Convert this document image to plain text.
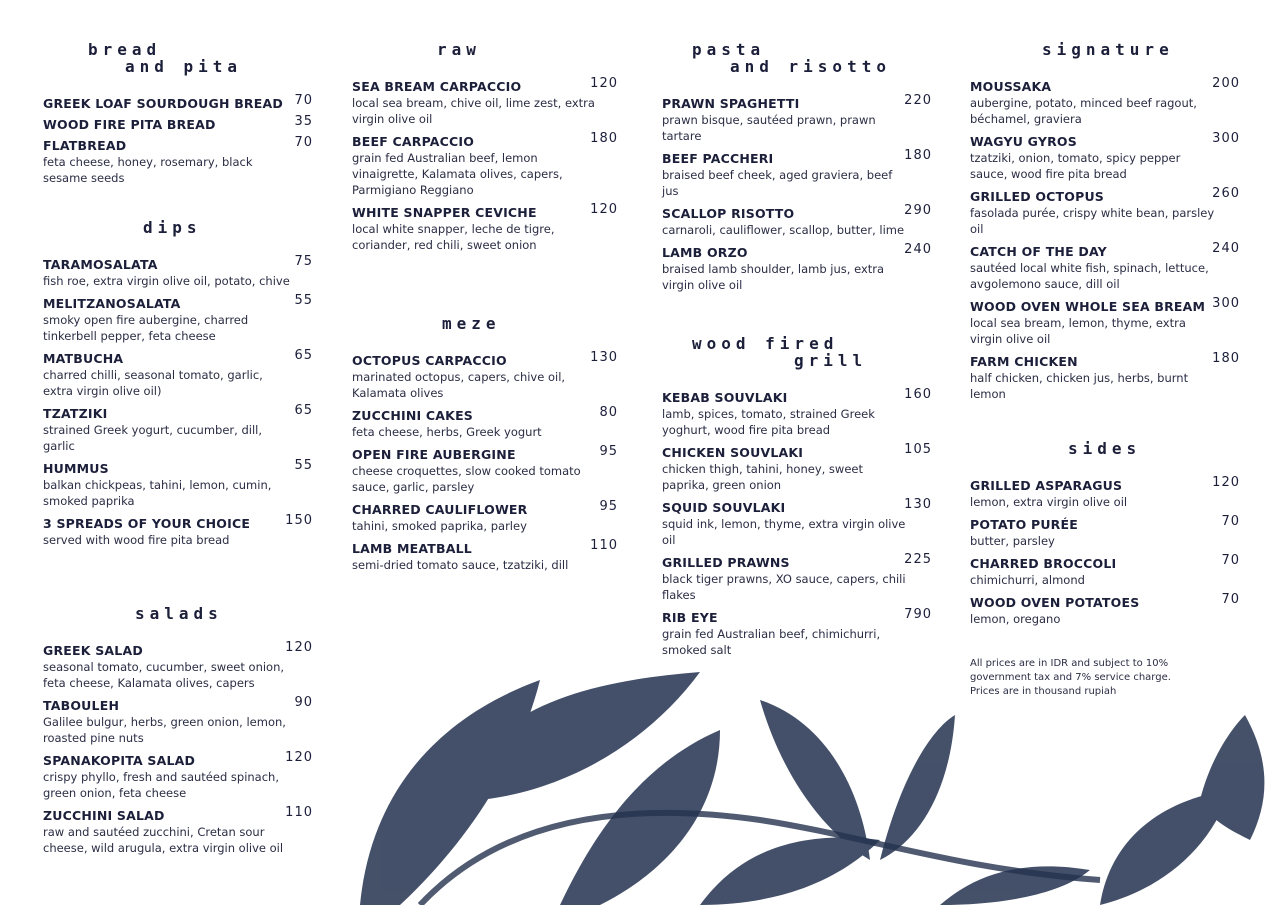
bread
and pita
GREEK LOAF SOURDOUGH BREAD 70
WOOD FIRE PITA BREAD	35
FLATBREAD	70
feta cheese, honey, rosemary, black sesame seeds
dips
TARAMOSALATA	75
fish roe, extra virgin olive oil, potato, chive
MELITZANOSALATA	55
smoky open fire aubergine, charred tinkerbell pepper, feta cheese
MATBUCHA	65
charred chilli, seasonal tomato, garlic, extra virgin olive oil)
TZATZIKI	65
strained Greek yogurt, cucumber, dill, garlic
HUMMUS	55
balkan chickpeas, tahini, lemon, cumin, smoked paprika
3 SPREADS OF YOUR CHOICE	150
served with wood fire pita bread
salads
GREEK SALAD	120
seasonal tomato, cucumber, sweet onion, feta cheese, Kalamata olives, capers
TABOULEH	90
Galilee bulgur, herbs, green onion, lemon, roasted pine nuts
SPANAKOPITA SALAD	120
crispy phyllo, fresh and sautéed spinach, green onion, feta cheese
ZUCCHINI SALAD	110
raw and sautéed zucchini, Cretan sour cheese, wild arugula, extra virgin olive oil
raw
SEA BREAM CARPACCIO	120
local sea bream, chive oil, lime zest, extra virgin olive oil
BEEF CARPACCIO	180
grain fed Australian beef, lemon vinaigrette, Kalamata olives, capers, Parmigiano Reggiano
WHITE SNAPPER CEVICHE	120
local white snapper, leche de tigre, coriander, red chili, sweet onion
meze
OCTOPUS CARPACCIO	130
marinated octopus, capers, chive oil, Kalamata olives
ZUCCHINI CAKES	80
feta cheese, herbs, Greek yogurt
OPEN FIRE AUBERGINE	95
cheese croquettes, slow cooked tomato sauce, garlic, parsley
CHARRED CAULIFLOWER	95
tahini, smoked paprika, parley
LAMB MEATBALL	110
semi-dried tomato sauce, tzatziki, dill
pasta
and risotto
PRAWN SPAGHETTI	220
prawn bisque, sautéed prawn, prawn tartare
BEEF PACCHERI	180
braised beef cheek, aged graviera, beef jus
SCALLOP RISOTTO	290
carnaroli, cauliflower, scallop, butter, lime
LAMB ORZO	240
braised lamb shoulder, lamb jus, extra virgin olive oil
wood fired
grill
KEBAB SOUVLAKI	160
lamb, spices, tomato, strained Greek yoghurt, wood fire pita bread
CHICKEN SOUVLAKI	105
chicken thigh, tahini, honey, sweet paprika, green onion
SQUID SOUVLAKI	130
squid ink, lemon, thyme, extra virgin olive oil
GRILLED PRAWNS	225
black tiger prawns, XO sauce, capers, chili flakes
RIB EYE	790
grain fed Australian beef, chimichurri, smoked salt
signature
MOUSSAKA	200
aubergine, potato, minced beef ragout, béchamel, graviera
WAGYU GYROS	300
tzatziki, onion, tomato, spicy pepper sauce, wood fire pita bread
GRILLED OCTOPUS	260
fasolada purée, crispy white bean, parsley oil
CATCH OF THE DAY	240
sautéed local white fish, spinach, lettuce, avgolemono sauce, dill oil
WOOD OVEN WHOLE SEA BREAM 300
local sea bream, lemon, thyme, extra virgin olive oil
FARM CHICKEN	180
half chicken, chicken jus, herbs, burnt lemon
sides
GRILLED ASPARAGUS	120
lemon, extra virgin olive oil
POTATO PURÉE	70
butter, parsley
CHARRED BROCCOLI	70
chimichurri, almond
WOOD OVEN POTATOES	70
lemon, oregano
All prices are in IDR and subject to 10% government tax and 7% service charge. Prices are in thousand rupiah
